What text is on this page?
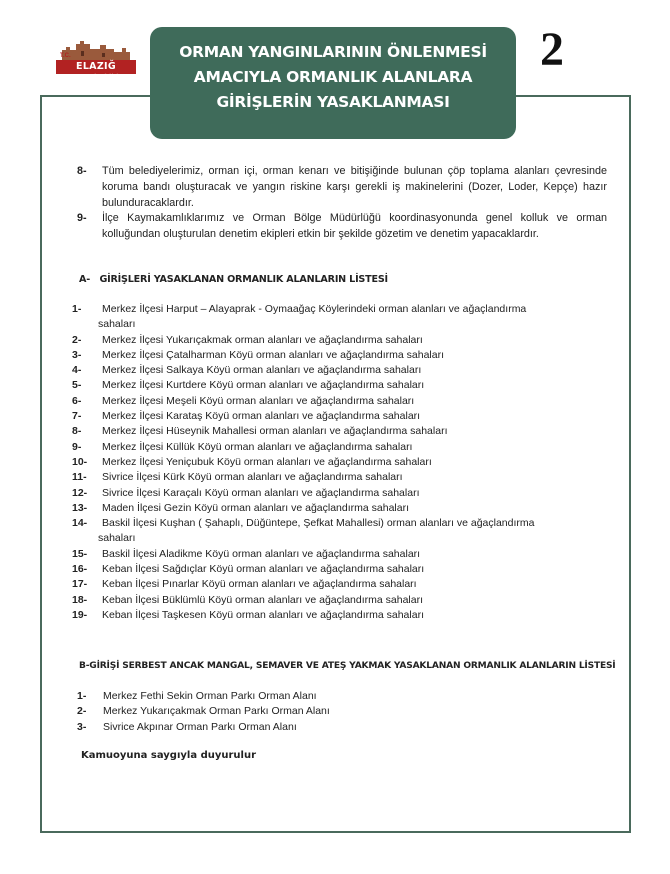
T.C.
ELAZIĞ VALİLİĞİ
ORMAN YANGINLARININ ÖNLENMESİ
AMACIYLA ORMANLIK ALANLARA
GİRİŞLERİN YASAKLANMASI
2
8- Tüm belediyelerimiz, orman içi, orman kenarı ve bitişiğinde bulunan çöp toplama alanları çevresinde koruma bandı oluşturacak ve yangın riskine karşı gerekli iş makinelerini (Dozer, Loder, Kepçe) hazır bulunduracaklardır.
9- İlçe Kaymakamlıklarımız ve Orman Bölge Müdürlüğü koordinasyonunda genel kolluk ve orman kolluğundan oluşturulan denetim ekipleri etkin bir şekilde gözetim ve denetim yapacaklardır.
A- GİRİŞLERİ YASAKLANAN ORMANLIK ALANLARIN LİSTESİ
1- Merkez İlçesi Harput – Alayaprak - Oymaağaç Köylerindeki orman alanları ve ağaçlandırma
sahaları
2- Merkez İlçesi Yukarıçakmak orman alanları ve ağaçlandırma sahaları
3- Merkez İlçesi Çatalharman Köyü orman alanları ve ağaçlandırma sahaları
4- Merkez İlçesi Salkaya Köyü orman alanları ve ağaçlandırma sahaları
5- Merkez İlçesi Kurtdere Köyü orman alanları ve ağaçlandırma sahaları
6- Merkez İlçesi Meşeli Köyü orman alanları ve ağaçlandırma sahaları
7- Merkez İlçesi Karataş Köyü orman alanları ve ağaçlandırma sahaları
8- Merkez İlçesi Hüseynik Mahallesi orman alanları ve ağaçlandırma sahaları
9- Merkez İlçesi Küllük Köyü orman alanları ve ağaçlandırma sahaları
10- Merkez İlçesi Yeniçubuk Köyü orman alanları ve ağaçlandırma sahaları
11- Sivrice İlçesi Kürk Köyü orman alanları ve ağaçlandırma sahaları
12- Sivrice İlçesi Karaçalı Köyü orman alanları ve ağaçlandırma sahaları
13- Maden İlçesi Gezin Köyü orman alanları ve ağaçlandırma sahaları
14- Baskil İlçesi Kuşhan ( Şahaplı, Düğüntepe, Şefkat Mahallesi) orman alanları ve ağaçlandırma
sahaları
15- Baskil İlçesi Aladikme Köyü orman alanları ve ağaçlandırma sahaları
16- Keban İlçesi Sağdıçlar Köyü orman alanları ve ağaçlandırma sahaları
17- Keban İlçesi Pınarlar Köyü orman alanları ve ağaçlandırma sahaları
18- Keban İlçesi Büklümlü Köyü orman alanları ve ağaçlandırma sahaları
19- Keban İlçesi Taşkesen Köyü orman alanları ve ağaçlandırma sahaları
B-GİRİŞİ SERBEST ANCAK MANGAL, SEMAVER VE ATEŞ YAKMAK YASAKLANAN ORMANLIK ALANLARIN LİSTESİ
1- Merkez Fethi Sekin Orman Parkı Orman Alanı
2- Merkez Yukarıçakmak Orman Parkı Orman Alanı
3- Sivrice Akpınar Orman Parkı Orman Alanı
Kamuoyuna saygıyla duyurulur
